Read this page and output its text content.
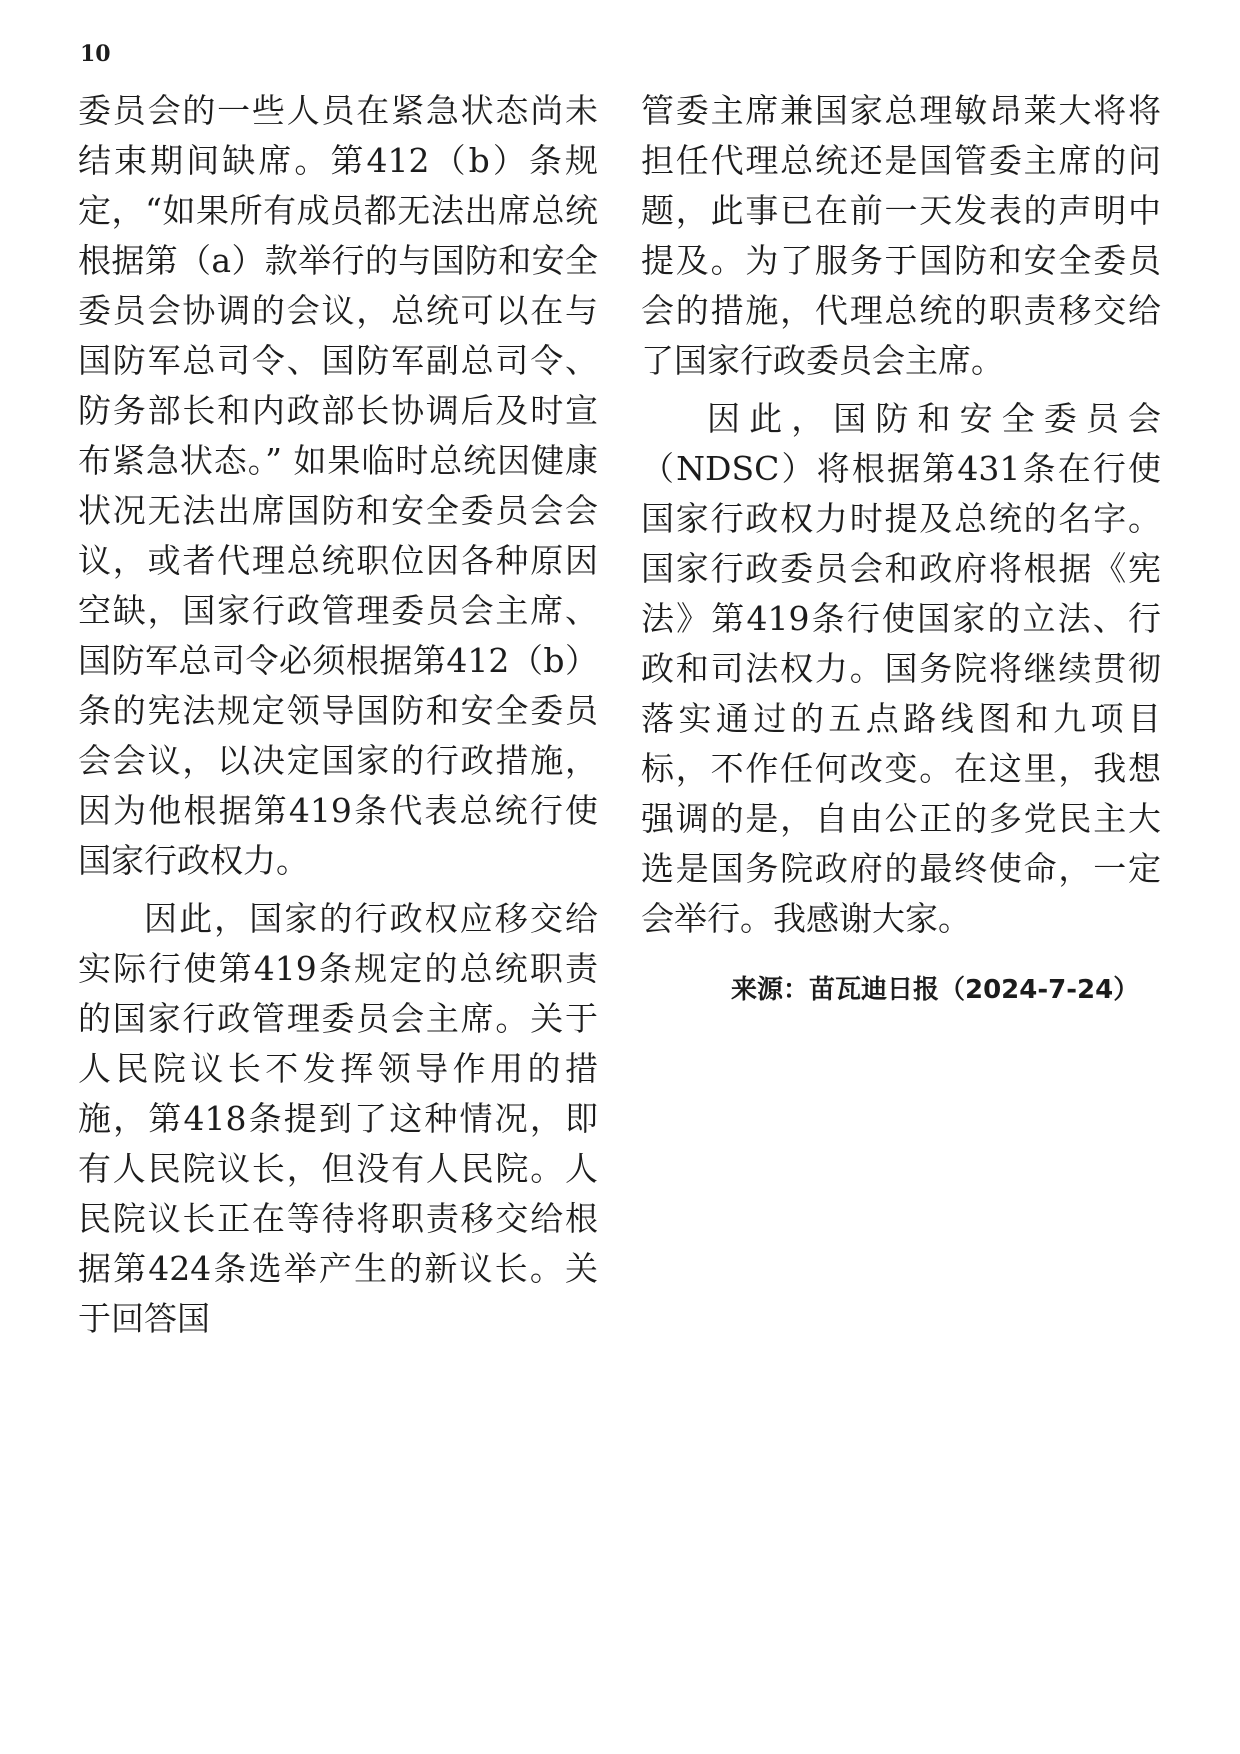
10

委员会的一些人员在紧急状态尚未结束期间缺席。第412（b）条规定，“如果所有成员都无法出席总统根据第（a）款举行的与国防和安全委员会协调的会议，总统可以在与国防军总司令、国防军副总司令、防务部长和内政部长协调后及时宣布紧急状态。” 如果临时总统因健康状况无法出席国防和安全委员会会议，或者代理总统职位因各种原因空缺，国家行政管理委员会主席、国防军总司令必须根据第412（b）条的宪法规定领导国防和安全委员会会议，以决定国家的行政措施，因为他根据第419条代表总统行使国家行政权力。

因此，国家的行政权应移交给实际行使第419条规定的总统职责的国家行政管理委员会主席。关于人民院议长不发挥领导作用的措施，第418条提到了这种情况，即有人民院议长，但没有人民院。人民院议长正在等待将职责移交给根据第424条选举产生的新议长。关于回答国

管委主席兼国家总理敏昂莱大将将担任代理总统还是国管委主席的问题，此事已在前一天发表的声明中提及。为了服务于国防和安全委员会的措施，代理总统的职责移交给了国家行政委员会主席。

因此，国防和安全委员会（NDSC）将根据第431条在行使国家行政权力时提及总统的名字。国家行政委员会和政府将根据《宪法》第419条行使国家的立法、行政和司法权力。国务院将继续贯彻落实通过的五点路线图和九项目标，不作任何改变。在这里，我想强调的是，自由公正的多党民主大选是国务院政府的最终使命，一定会举行。我感谢大家。

来源：苗瓦迪日报（2024-7-24）
